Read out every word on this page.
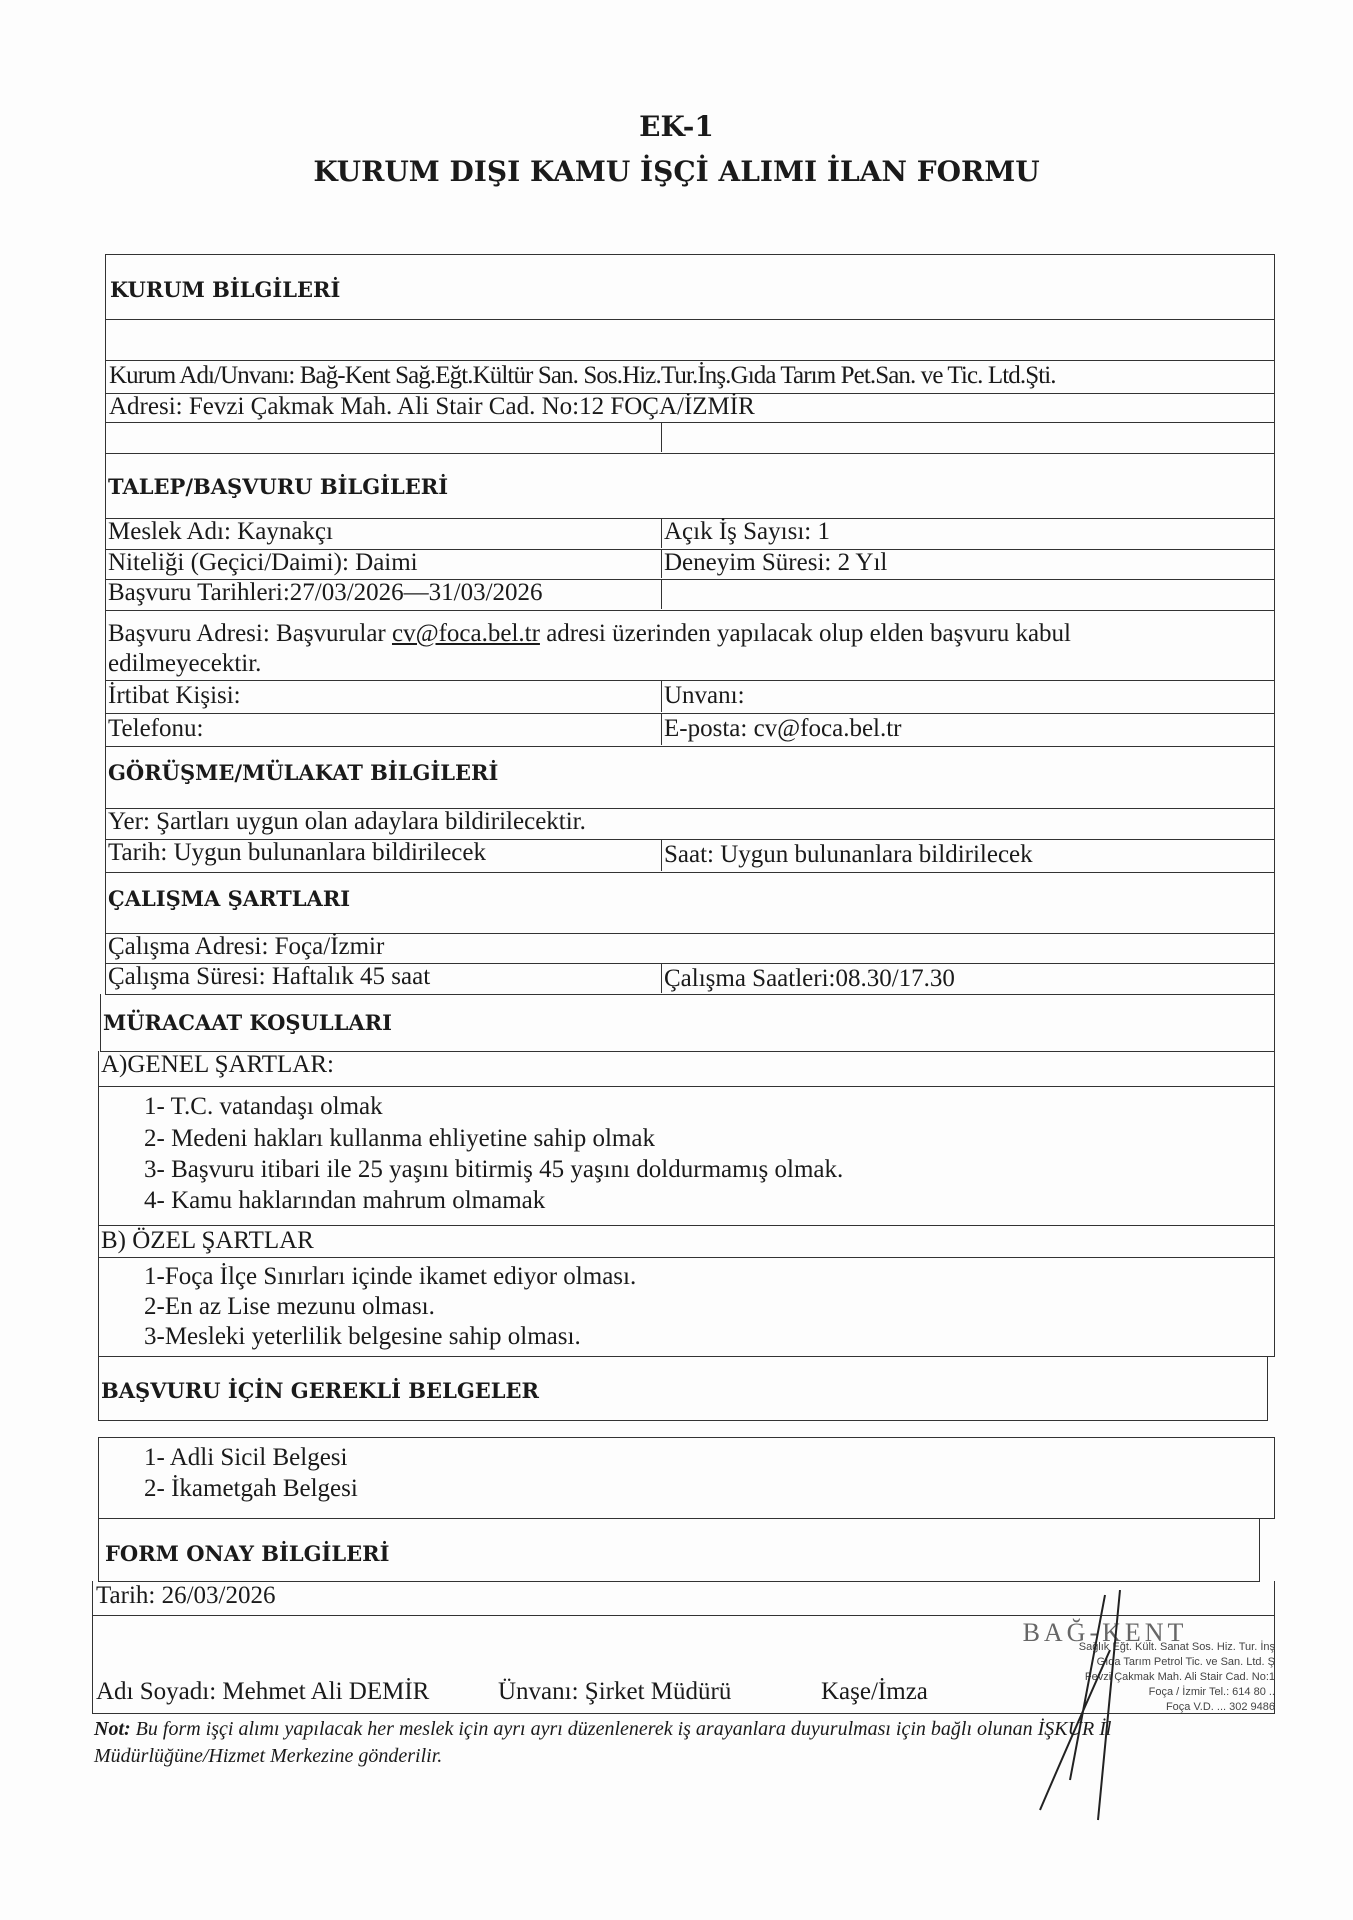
EK-1
KURUM DIŞI KAMU İŞÇİ ALIMI İLAN FORMU
KURUM BİLGİLERİ
Kurum Adı/Unvanı: Bağ-Kent Sağ.Eğt.Kültür San. Sos.Hiz.Tur.İnş.Gıda Tarım Pet.San. ve Tic. Ltd.Şti.
Adresi: Fevzi Çakmak Mah. Ali Stair Cad. No:12 FOÇA/İZMİR
TALEP/BAŞVURU BİLGİLERİ
Meslek Adı: Kaynakçı	Açık İş Sayısı: 1
Niteliği (Geçici/Daimi): Daimi	Deneyim Süresi: 2 Yıl
Başvuru Tarihleri:27/03/2026—31/03/2026
Başvuru Adresi: Başvurular cv@foca.bel.tr adresi üzerinden yapılacak olup elden başvuru kabul
edilmeyecektir.
İrtibat Kişisi:	Unvanı:
Telefonu:	E-posta: cv@foca.bel.tr
GÖRÜŞME/MÜLAKAT BİLGİLERİ
Yer: Şartları uygun olan adaylara bildirilecektir.
Tarih: Uygun bulunanlara bildirilecek	Saat: Uygun bulunanlara bildirilecek
ÇALIŞMA ŞARTLARI
Çalışma Adresi: Foça/İzmir
Çalışma Süresi: Haftalık 45 saat	Çalışma Saatleri:08.30/17.30
MÜRACAAT KOŞULLARI
A)GENEL ŞARTLAR:
1- T.C. vatandaşı olmak
2- Medeni hakları kullanma ehliyetine sahip olmak
3- Başvuru itibari ile 25 yaşını bitirmiş 45 yaşını doldurmamış olmak.
4- Kamu haklarından mahrum olmamak
B) ÖZEL ŞARTLAR
1-Foça İlçe Sınırları içinde ikamet ediyor olması.
2-En az Lise mezunu olması.
3-Mesleki yeterlilik belgesine sahip olması.
BAŞVURU İÇİN GEREKLİ BELGELER
1- Adli Sicil Belgesi
2- İkametgah Belgesi
FORM ONAY BİLGİLERİ
Tarih: 26/03/2026
Adı Soyadı: Mehmet Ali DEMİR	Ünvanı: Şirket Müdürü	Kaşe/İmza
BAĞ-KENT
Sağlık Eğt. Kült. Sanat Sos. Hiz. Tur. İnş
Gıda Tarım Petrol Tic. ve San. Ltd. Ş
Fevzi Çakmak Mah. Ali Stair Cad. No:1
Foça / İzmir Tel.: 614 80 ..
Foça V.D. ... 302 9486
Not: Bu form işçi alımı yapılacak her meslek için ayrı ayrı düzenlenerek iş arayanlara duyurulması için bağlı olunan İŞKUR İl
Müdürlüğüne/Hizmet Merkezine gönderilir.
